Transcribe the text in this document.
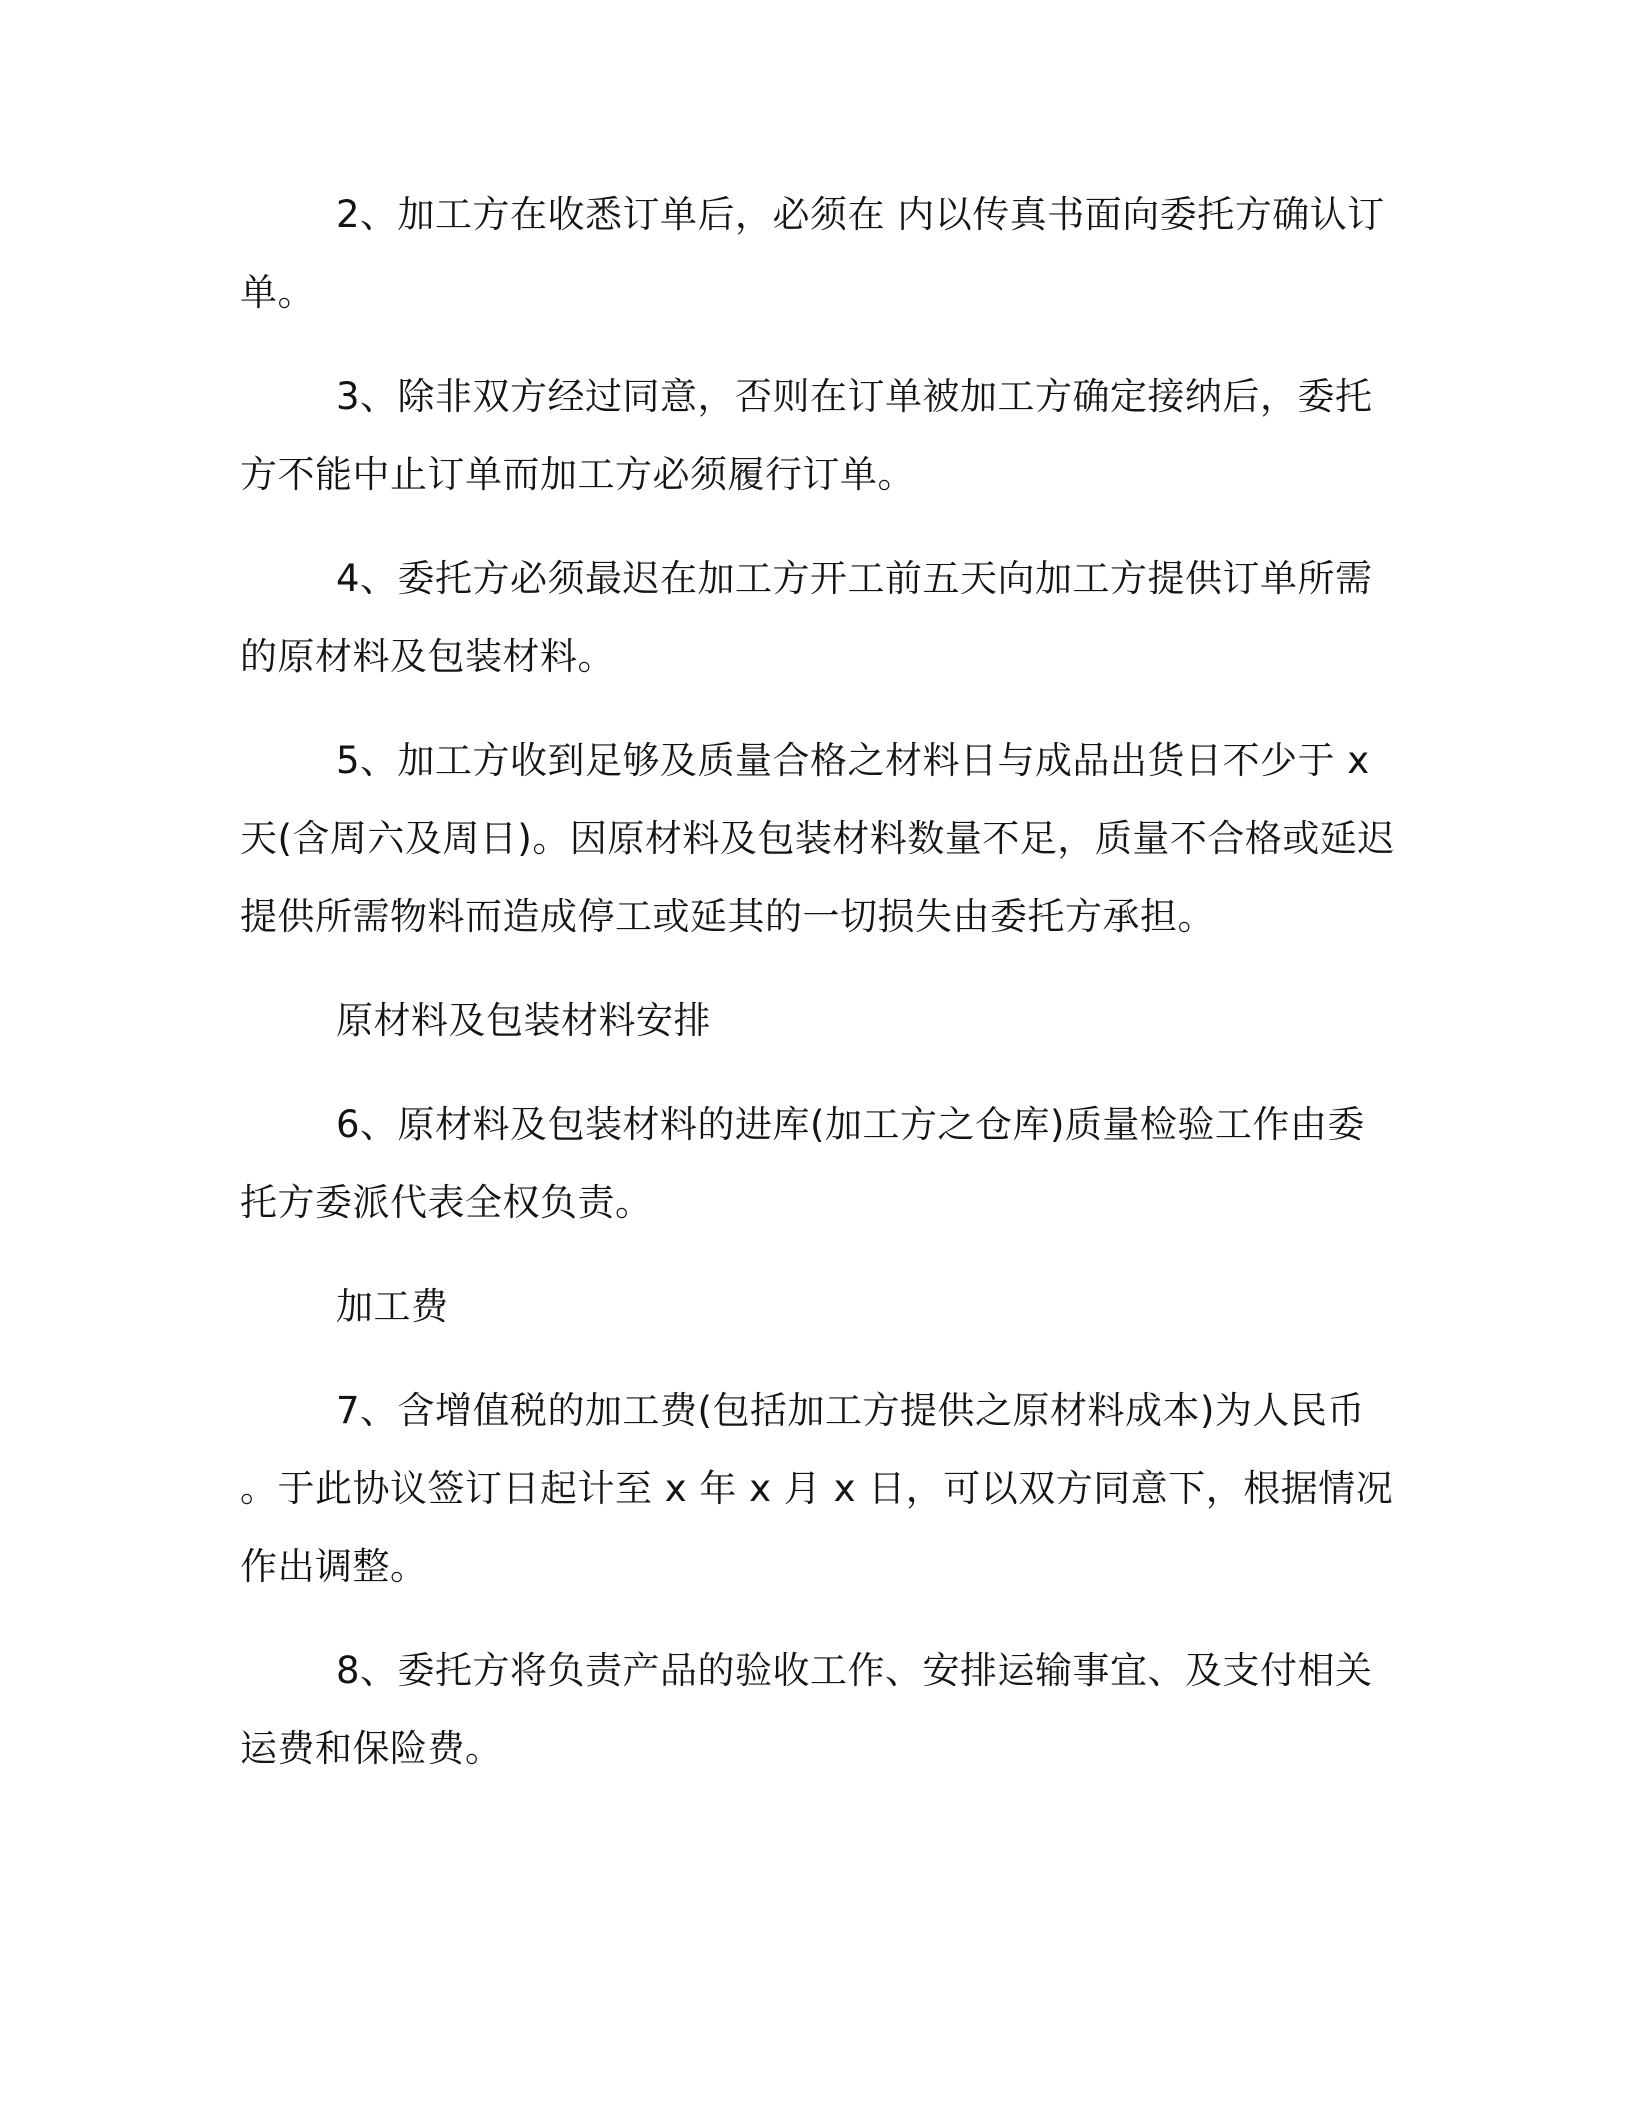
2、加工方在收悉订单后，必须在 内以传真书面向委托方确认订单。

3、除非双方经过同意，否则在订单被加工方确定接纳后，委托方不能中止订单而加工方必须履行订单。

4、委托方必须最迟在加工方开工前五天向加工方提供订单所需的原材料及包装材料。

5、加工方收到足够及质量合格之材料日与成品出货日不少于 x 天(含周六及周日)。因原材料及包装材料数量不足，质量不合格或延迟提供所需物料而造成停工或延其的一切损失由委托方承担。

原材料及包装材料安排

6、原材料及包装材料的进库(加工方之仓库)质量检验工作由委托方委派代表全权负责。

加工费

7、含增值税的加工费(包括加工方提供之原材料成本)为人民币 。于此协议签订日起计至 x 年 x 月 x 日，可以双方同意下，根据情况作出调整。

8、委托方将负责产品的验收工作、安排运输事宜、及支付相关运费和保险费。
